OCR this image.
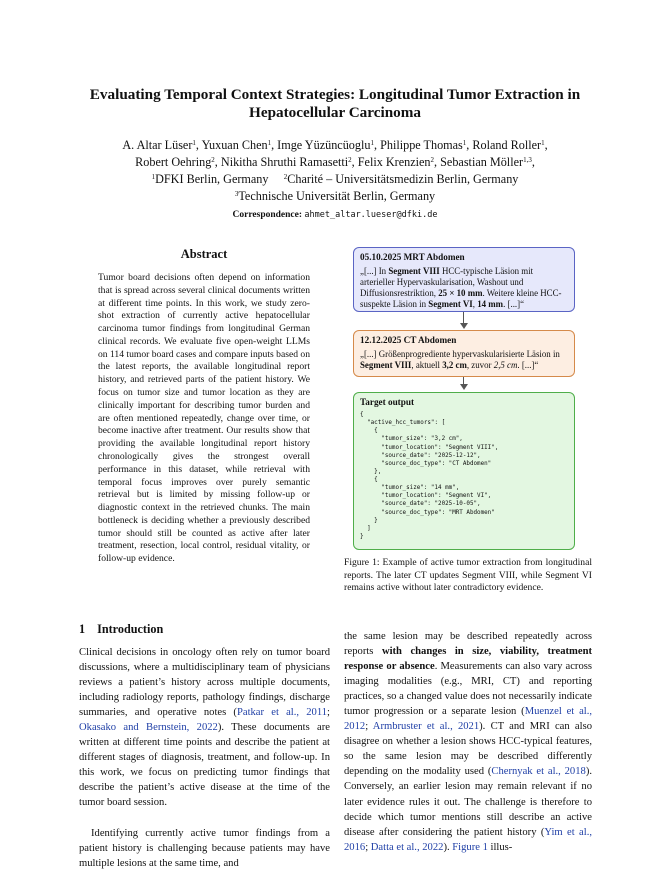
Evaluating Temporal Context Strategies: Longitudinal Tumor Extraction in Hepatocellular Carcinoma
A. Altar Lüser$^1$, Yuxuan Chen$^1$, Imge Yüzüncüoglu$^1$, Philippe Thomas$^1$, Roland Roller$^1$,
Robert Oehring$^2$, Nikitha Shruthi Ramasetti$^2$, Felix Krenzien$^2$, Sebastian Möller$^{1,3}$,
$^1$DFKI Berlin, Germany $^2$Charité – Universitätsmedizin Berlin, Germany
$^3$Technische Universität Berlin, Germany
Correspondence: ahmet_altar.lueser@dfki.de
Abstract
Tumor board decisions often depend on information that is spread across several clinical documents written at different time points. In this work, we study zero-shot extraction of currently active hepatocellular carcinoma tumor findings from longitudinal German clinical records. We evaluate five open-weight LLMs on 114 tumor board cases and compare inputs based on the latest reports, the available longitudinal report history, and retrieved parts of the patient history. We focus on tumor size and tumor location as they are clinically important for describing tumor burden and are often mentioned repeatedly, change over time, or become inactive after treatment. Our results show that providing the available longitudinal report history chronologically gives the strongest overall performance in this dataset, while retrieval with temporal focus improves over purely semantic retrieval but is limited by missing follow-up or diagnostic context in the retrieved chunks. The main bottleneck is deciding whether a previously described tumor should still be counted as active after later treatment, resection, local control, residual vitality, or follow-up evidence.
05.10.2025 MRT Abdomen
„[...] In Segment VIII HCC-typische Läsion mit arterieller Hypervaskularisation, Washout und Diffusionsrestriktion, 25 × 10 mm. Weitere kleine HCC-suspekte Läsion in Segment VI, 14 mm. [...]“
12.12.2025 CT Abdomen
„[...] Größenprogrediente hypervaskularisierte Läsion in Segment VIII, aktuell 3,2 cm, zuvor 2,5 cm. [...]“
Target output
{
"active_hcc_tumors": [
{
"tumor_size": "3,2 cm",
"tumor_location": "Segment VIII",
"source_date": "2025-12-12",
"source_doc_type": "CT Abdomen"
},
{
"tumor_size": "14 mm",
"tumor_location": "Segment VI",
"source_date": "2025-10-05",
"source_doc_type": "MRT Abdomen"
}
]
}
Figure 1: Example of active tumor extraction from longitudinal reports. The later CT updates Segment VIII, while Segment VI remains active without later contradictory evidence.
1 Introduction
Clinical decisions in oncology often rely on tumor board discussions, where a multidisciplinary team of physicians reviews a patient’s history across multiple documents, including radiology reports, pathology findings, discharge summaries, and operative notes (Patkar et al., 2011; Okasako and Bernstein, 2022). These documents are written at different time points and describe the patient at different stages of diagnosis, treatment, and follow-up. In this work, we focus on predicting tumor findings that describe the patient’s active disease at the time of the tumor board session.
Identifying currently active tumor findings from a patient history is challenging because patients may have multiple lesions at the same time, and
the same lesion may be described repeatedly across reports with changes in size, viability, treatment response or absence. Measurements can also vary across imaging modalities (e.g., MRI, CT) and reporting practices, so a changed value does not necessarily indicate tumor progression or a separate lesion (Muenzel et al., 2012; Armbruster et al., 2021). CT and MRI can also disagree on whether a lesion shows HCC-typical features, so the same lesion may be described differently depending on the modality used (Chernyak et al., 2018). Conversely, an earlier lesion may remain relevant if no later evidence rules it out. The challenge is therefore to decide which tumor mentions still describe an active disease after considering the patient history (Yim et al., 2016; Datta et al., 2022). Figure 1 illus-
